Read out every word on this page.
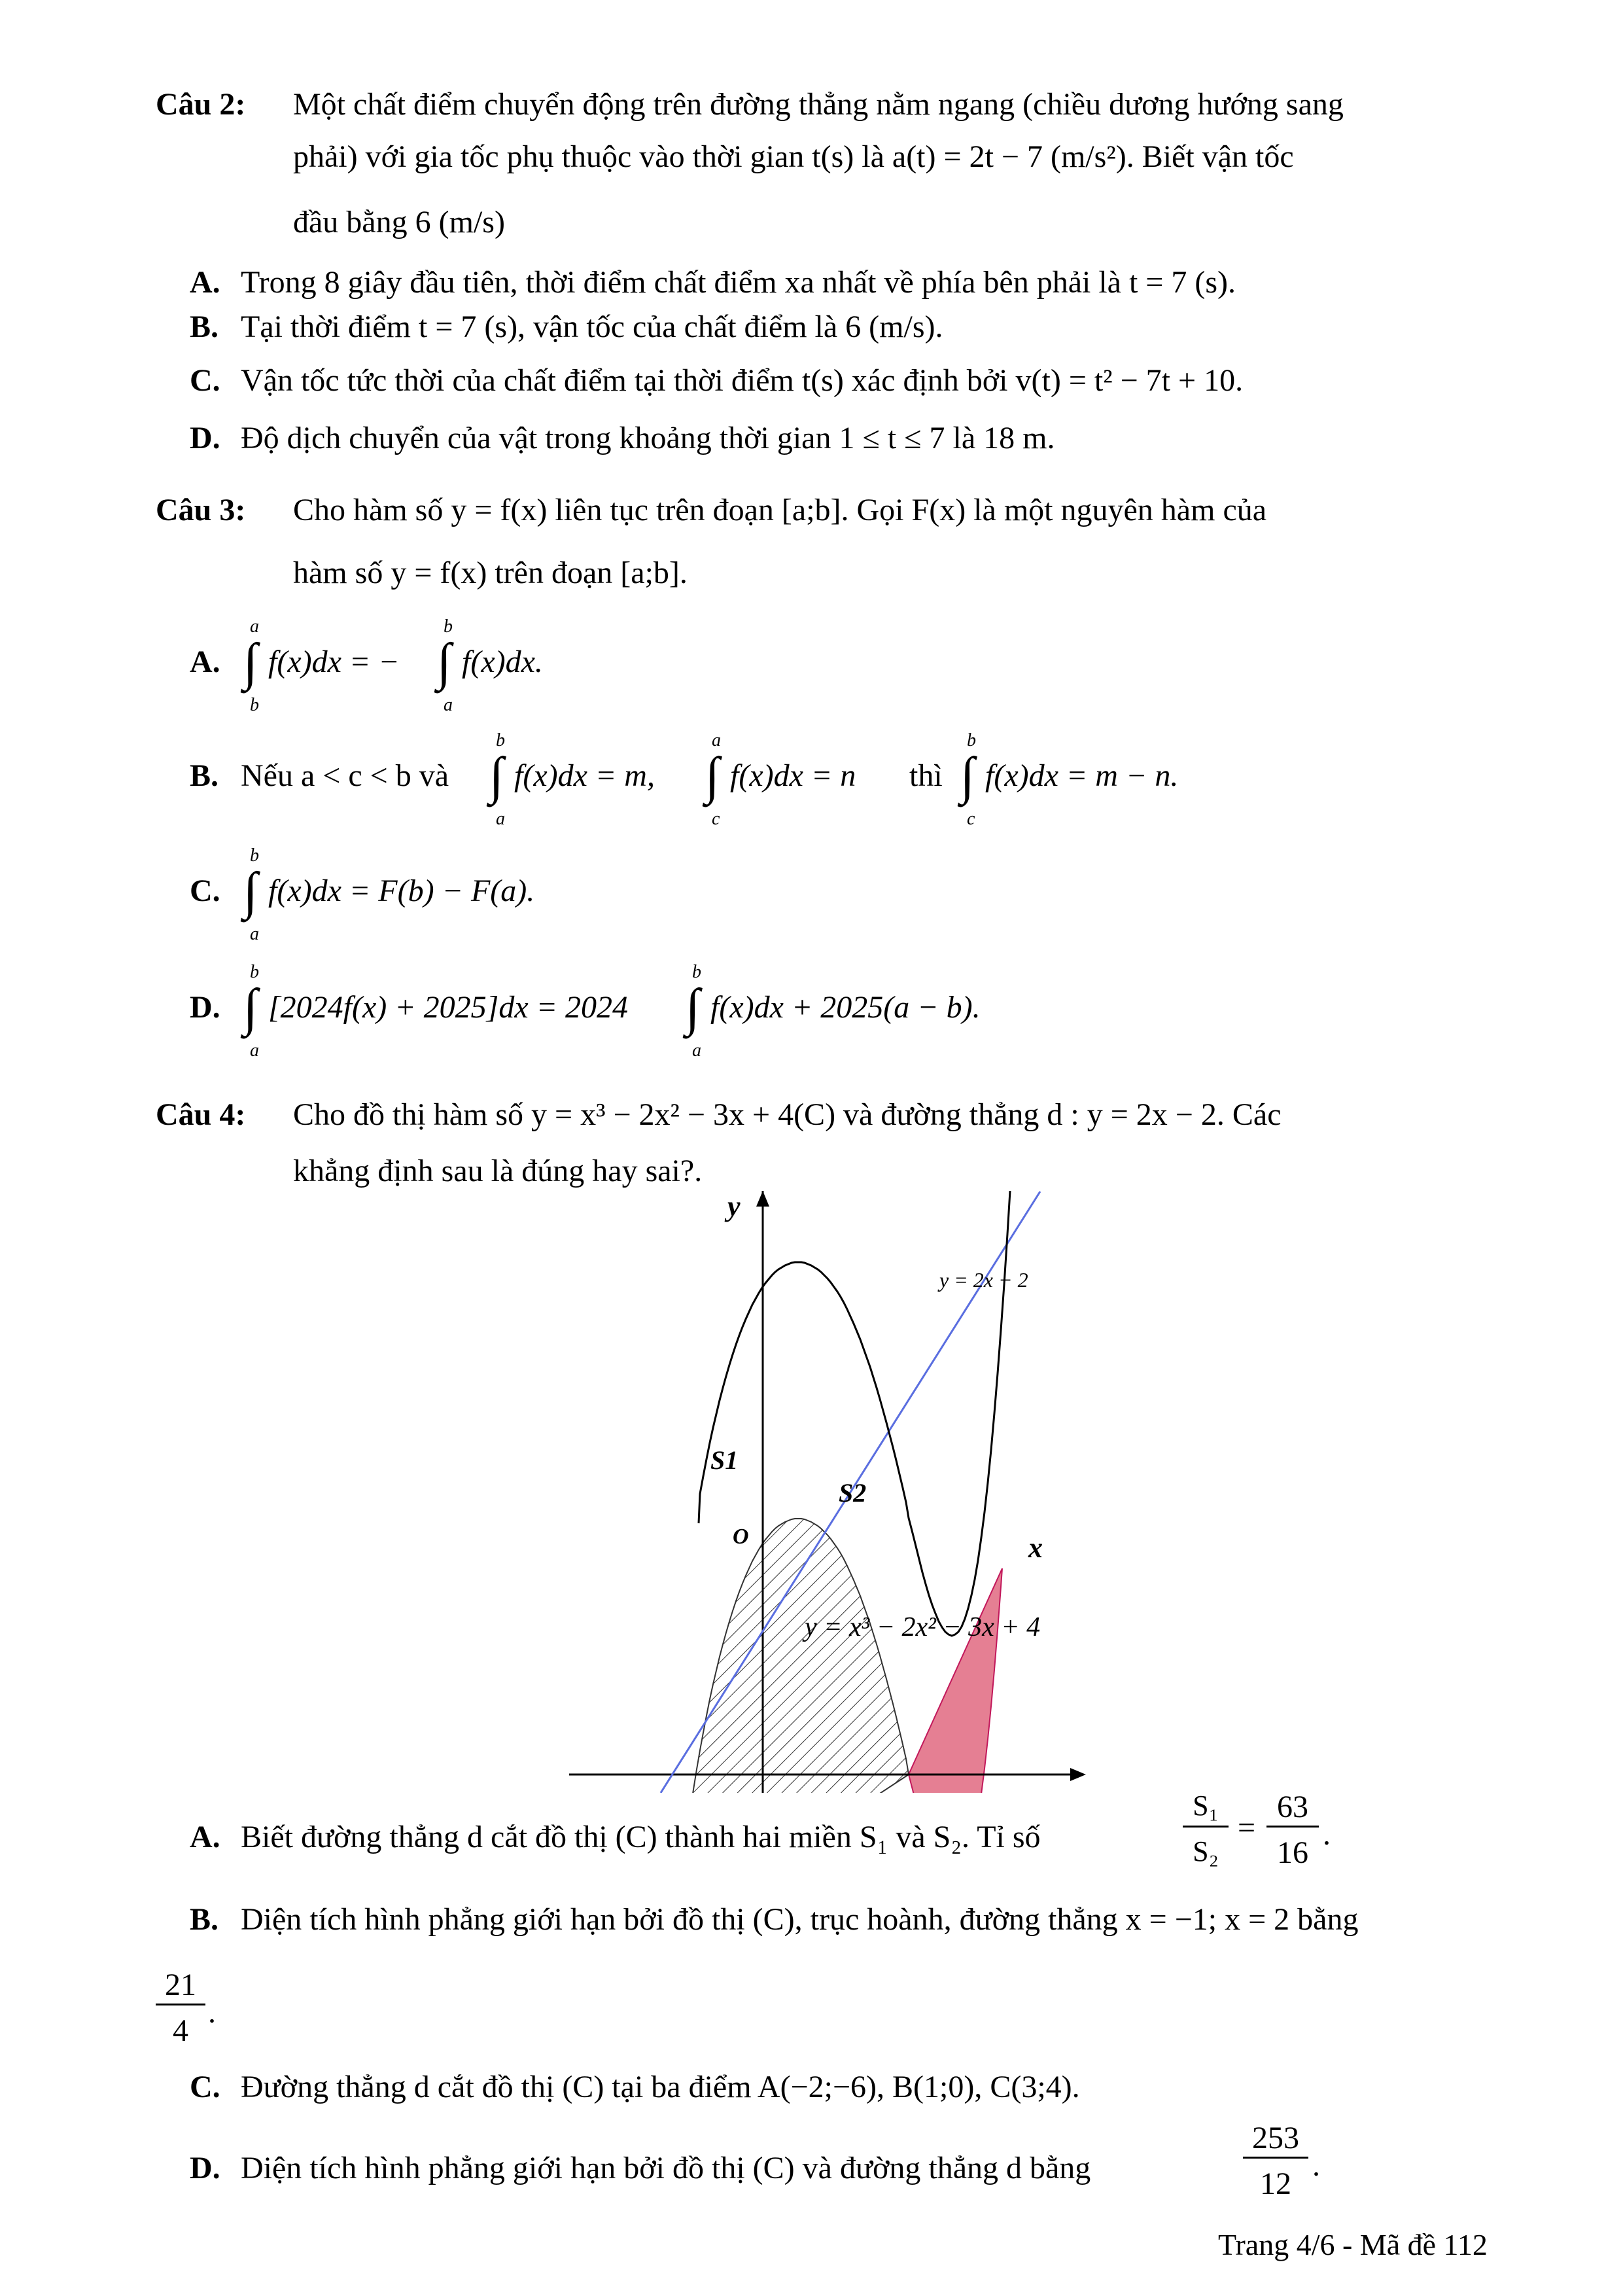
Câu 2: Một chất điểm chuyển động trên đường thẳng nằm ngang (chiều dương hướng sang
phải) với gia tốc phụ thuộc vào thời gian t(s) là a(t) = 2t − 7 (m/s²). Biết vận tốc
đầu bằng 6 (m/s)
A. Trong 8 giây đầu tiên, thời điểm chất điểm xa nhất về phía bên phải là t = 7 (s).
B. Tại thời điểm t = 7 (s), vận tốc của chất điểm là 6 (m/s).
C. Vận tốc tức thời của chất điểm tại thời điểm t(s) xác định bởi v(t) = t² − 7t + 10.
D. Độ dịch chuyển của vật trong khoảng thời gian 1 ≤ t ≤ 7 là 18 m.
Câu 3: Cho hàm số y = f(x) liên tục trên đoạn [a;b]. Gọi F(x) là một nguyên hàm của
hàm số y = f(x) trên đoạn [a;b].
A. ∫
a
b
f(x)dx = − ∫
b
a
f(x)dx.
B. Nếu a < c < b và ∫
b
a
f(x)dx = m, ∫
a
c
f(x)dx = n thì ∫
b
c
f(x)dx = m − n.
C. ∫
b
a
f(x)dx = F(b) − F(a).
D. ∫
b
a
[2024f(x) + 2025]dx = 2024 ∫
b
a
f(x)dx + 2025(a − b).
Câu 4: Cho đồ thị hàm số y = x³ − 2x² − 3x + 4(C) và đường thẳng d : y = 2x − 2. Các
khẳng định sau là đúng hay sai?.
y
x
O
y = 2x − 2
y = x³ − 2x² − 3x + 4
S1
S2
A. Biết đường thẳng d cắt đồ thị (C) thành hai miền S₁ và S₂. Tỉ số
S₁
S₂
=
63
16
.
B. Diện tích hình phẳng giới hạn bởi đồ thị (C), trục hoành, đường thẳng x = −1; x = 2 bằng
21
4
.
C. Đường thẳng d cắt đồ thị (C) tại ba điểm A(−2;−6), B(1;0), C(3;4).
D. Diện tích hình phẳng giới hạn bởi đồ thị (C) và đường thẳng d bằng
253
12
.
Trang 4/6 - Mã đề 112
